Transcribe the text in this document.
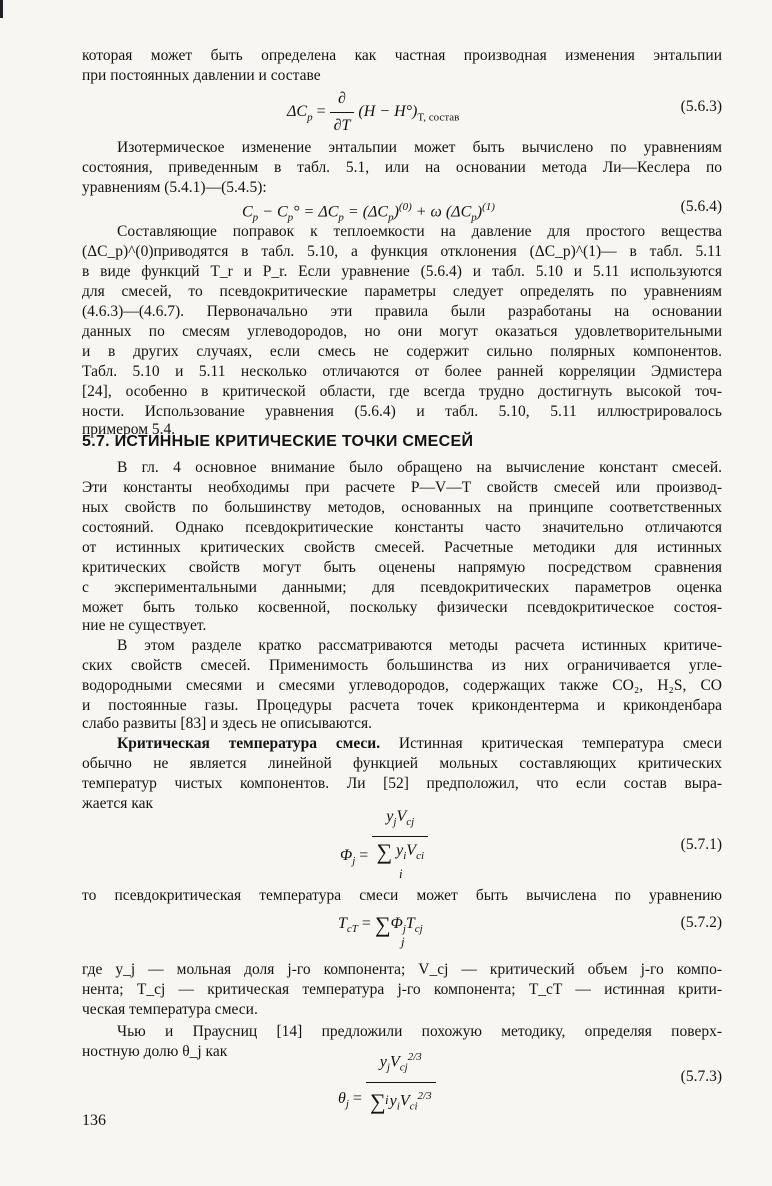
которая может быть определена как частная производная изменения энтальпии
при постоянных давлении и составе
$\Delta C_p = \frac{\partial}{\partial T} (H - H^\circ)_{T, состав}$
(5.6.3)
Изотермическое изменение энтальпии может быть вычислено по уравнениям
состояния, приведенным в табл. 5.1, или на основании метода Ли—Кеслера по
уравнениям (5.4.1)—(5.4.5):
$C_p - C_p^\circ = \Delta C_p = (\Delta C_p)^{(0)} + \omega$ $(\Delta C_p)^{(1)}$	(5.6.4)
Составляющие поправок к теплоемкости на давление для простого вещества
(ΔC_p)^(0)приводятся в табл. 5.10, а функция отклонения (ΔC_p)^(1)— в табл. 5.11
в виде функций T_r и P_r. Если уравнение (5.6.4) и табл. 5.10 и 5.11 используются
для смесей, то псевдокритические параметры следует определять по уравнениям
(4.6.3)—(4.6.7). Первоначально эти правила были разработаны на основании
данных по смесям углеводородов, но они могут оказаться удовлетворительными
и в других случаях, если смесь не содержит сильно полярных компонентов.
Табл. 5.10 и 5.11 несколько отличаются от более ранней корреляции Эдмистера
[24], особенно в критической области, где всегда трудно достигнуть высокой точ-
ности. Использование уравнения (5.6.4) и табл. 5.10, 5.11 иллюстрировалось
примером 5.4.
5.7. ИСТИННЫЕ КРИТИЧЕСКИЕ ТОЧКИ СМЕСЕЙ
В гл. 4 основное внимание было обращено на вычисление констант смесей.
Эти константы необходимы при расчете P—V—T свойств смесей или производ-
ных свойств по большинству методов, основанных на принципе соответственных
состояний. Однако псевдокритические константы часто значительно отличаются
от истинных критических свойств смесей. Расчетные методики для истинных
критических свойств могут быть оценены напрямую посредством сравнения
с экспериментальными данными; для псевдокритических параметров оценка
может быть только косвенной, поскольку физически псевдокритическое состоя-
ние не существует.
В этом разделе кратко рассматриваются методы расчета истинных критиче-
ских свойств смесей. Применимость большинства из них ограничивается угле-
водородными смесями и смесями углеводородов, содержащих также CO₂, H₂S, CO
и постоянные газы. Процедуры расчета точек крикондентерма и криконденбара
слабо развиты [83] и здесь не описываются.
Критическая температура смеси. Истинная критическая температура смеси
обычно не является линейной функцией мольных составляющих критических
температур чистых компонентов. Ли [52] предположил, что если состав выра-
жается как
$\Phi_j = \frac{y_jV_{cj}}{\sum y_iV_{ci}}$
i
(5.7.1)
то псевдокритическая температура смеси может быть вычислена по уравнению
$T_{cT} = \sum\Phi_jT_{cj}$
j
(5.7.2)
где y_j — мольная доля j-го компонента; V_cj — критический объем j-го компо-
нента; T_cj — критическая температура j-го компонента; T_cT — истинная крити-
ческая температура смеси.
Чью и Праусниц [14] предложили похожую методику, определяя поверх-
ностную долю θ_j как
$\theta_j = \frac{y_jV_{cj}^{2/3}}{\sum y_iV_{ci}^{2/3}}$
i
(5.7.3)
136
